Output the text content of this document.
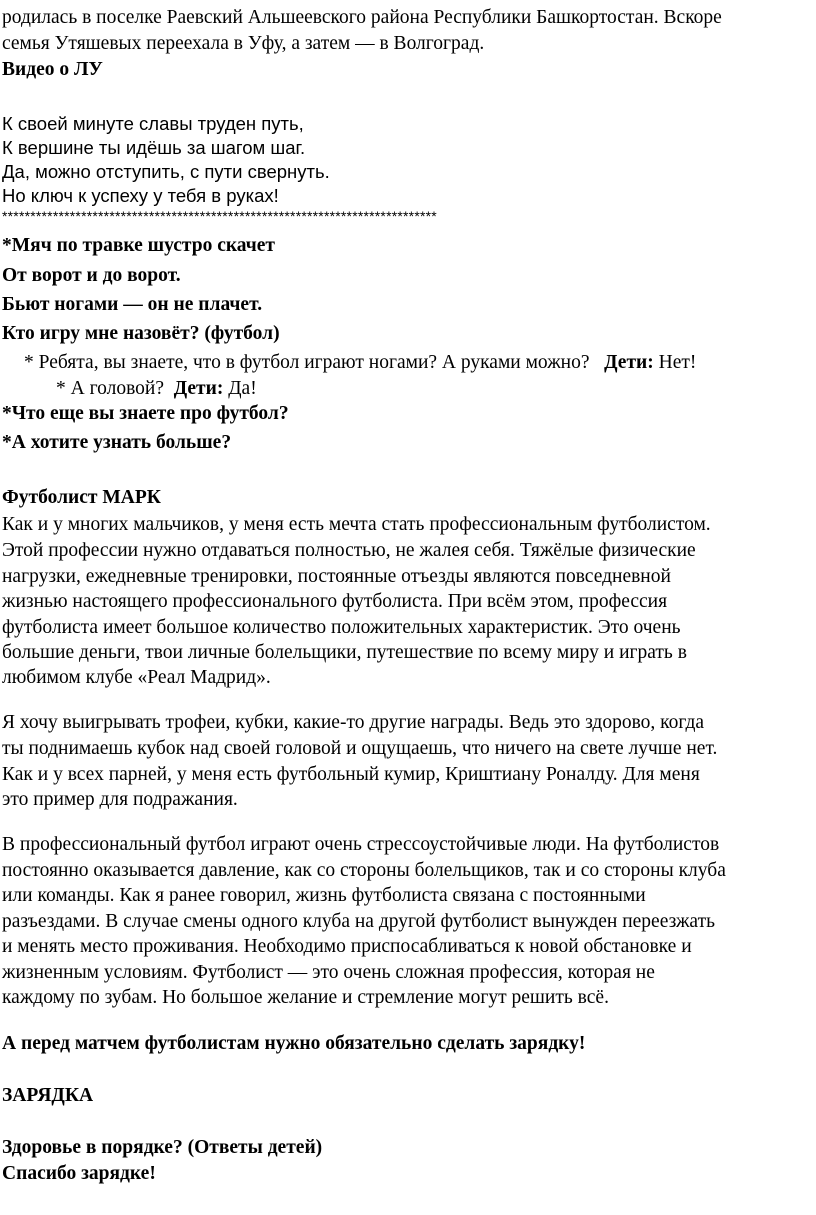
родилась в поселке Раевский Альшеевского района Республики Башкортостан. Вскоре
семья Утяшевых переехала в Уфу, а затем — в Волгоград.
Видео о ЛУ
К своей минуте славы труден путь,
К вершине ты идёшь за шагом шаг.
Да, можно отступить, с пути свернуть.
Но ключ к успеху у тебя в руках!
*****************************************************************************
*Мяч по травке шустро скачет
От ворот и до ворот.
Бьют ногами — он не плачет.
Кто игру мне назовёт? (футбол)
* Ребята, вы знаете, что в футбол играют ногами? А руками можно? Дети: Нет!
* А головой? Дети: Да!
*Что еще вы знаете про футбол?
*А хотите узнать больше?
Футболист МАРК
Как и у многих мальчиков, у меня есть мечта стать профессиональным футболистом.
Этой профессии нужно отдаваться полностью, не жалея себя. Тяжёлые физические
нагрузки, ежедневные тренировки, постоянные отъезды являются повседневной
жизнью настоящего профессионального футболиста. При всём этом, профессия
футболиста имеет большое количество положительных характеристик. Это очень
большие деньги, твои личные болельщики, путешествие по всему миру и играть в
любимом клубе «Реал Мадрид».
Я хочу выигрывать трофеи, кубки, какие-то другие награды. Ведь это здорово, когда
ты поднимаешь кубок над своей головой и ощущаешь, что ничего на свете лучше нет.
Как и у всех парней, у меня есть футбольный кумир, Криштиану Роналду. Для меня
это пример для подражания.
В профессиональный футбол играют очень стрессоустойчивые люди. На футболистов
постоянно оказывается давление, как со стороны болельщиков, так и со стороны клуба
или команды. Как я ранее говорил, жизнь футболиста связана с постоянными
разъездами. В случае смены одного клуба на другой футболист вынужден переезжать
и менять место проживания. Необходимо приспосабливаться к новой обстановке и
жизненным условиям. Футболист — это очень сложная профессия, которая не
каждому по зубам. Но большое желание и стремление могут решить всё.
А перед матчем футболистам нужно обязательно сделать зарядку!
ЗАРЯДКА
Здоровье в порядке? (Ответы детей)
Спасибо зарядке!
